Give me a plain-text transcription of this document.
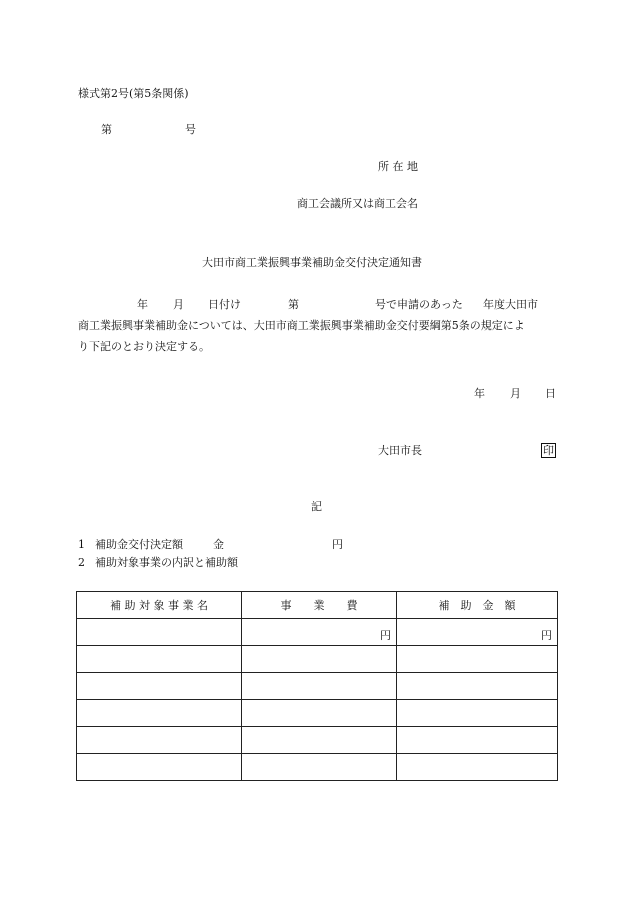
様式第2号(第5条関係)
第	号
所 在 地
商工会議所又は商工会名
大田市商工業振興事業補助金交付決定通知書
年 月 日付け	第	号で申請のあった 年度大田市
商工業振興事業補助金については、大田市商工業振興事業補助金交付要綱第5条の規定によ
り下記のとおり決定する。
年 月 日
大田市長	印
記
1 補助金交付決定額	金	円
2 補助対象事業の内訳と補助額
補 助 対 象 事 業 名	事　　業　　費	補　助　金　額
	円	円
